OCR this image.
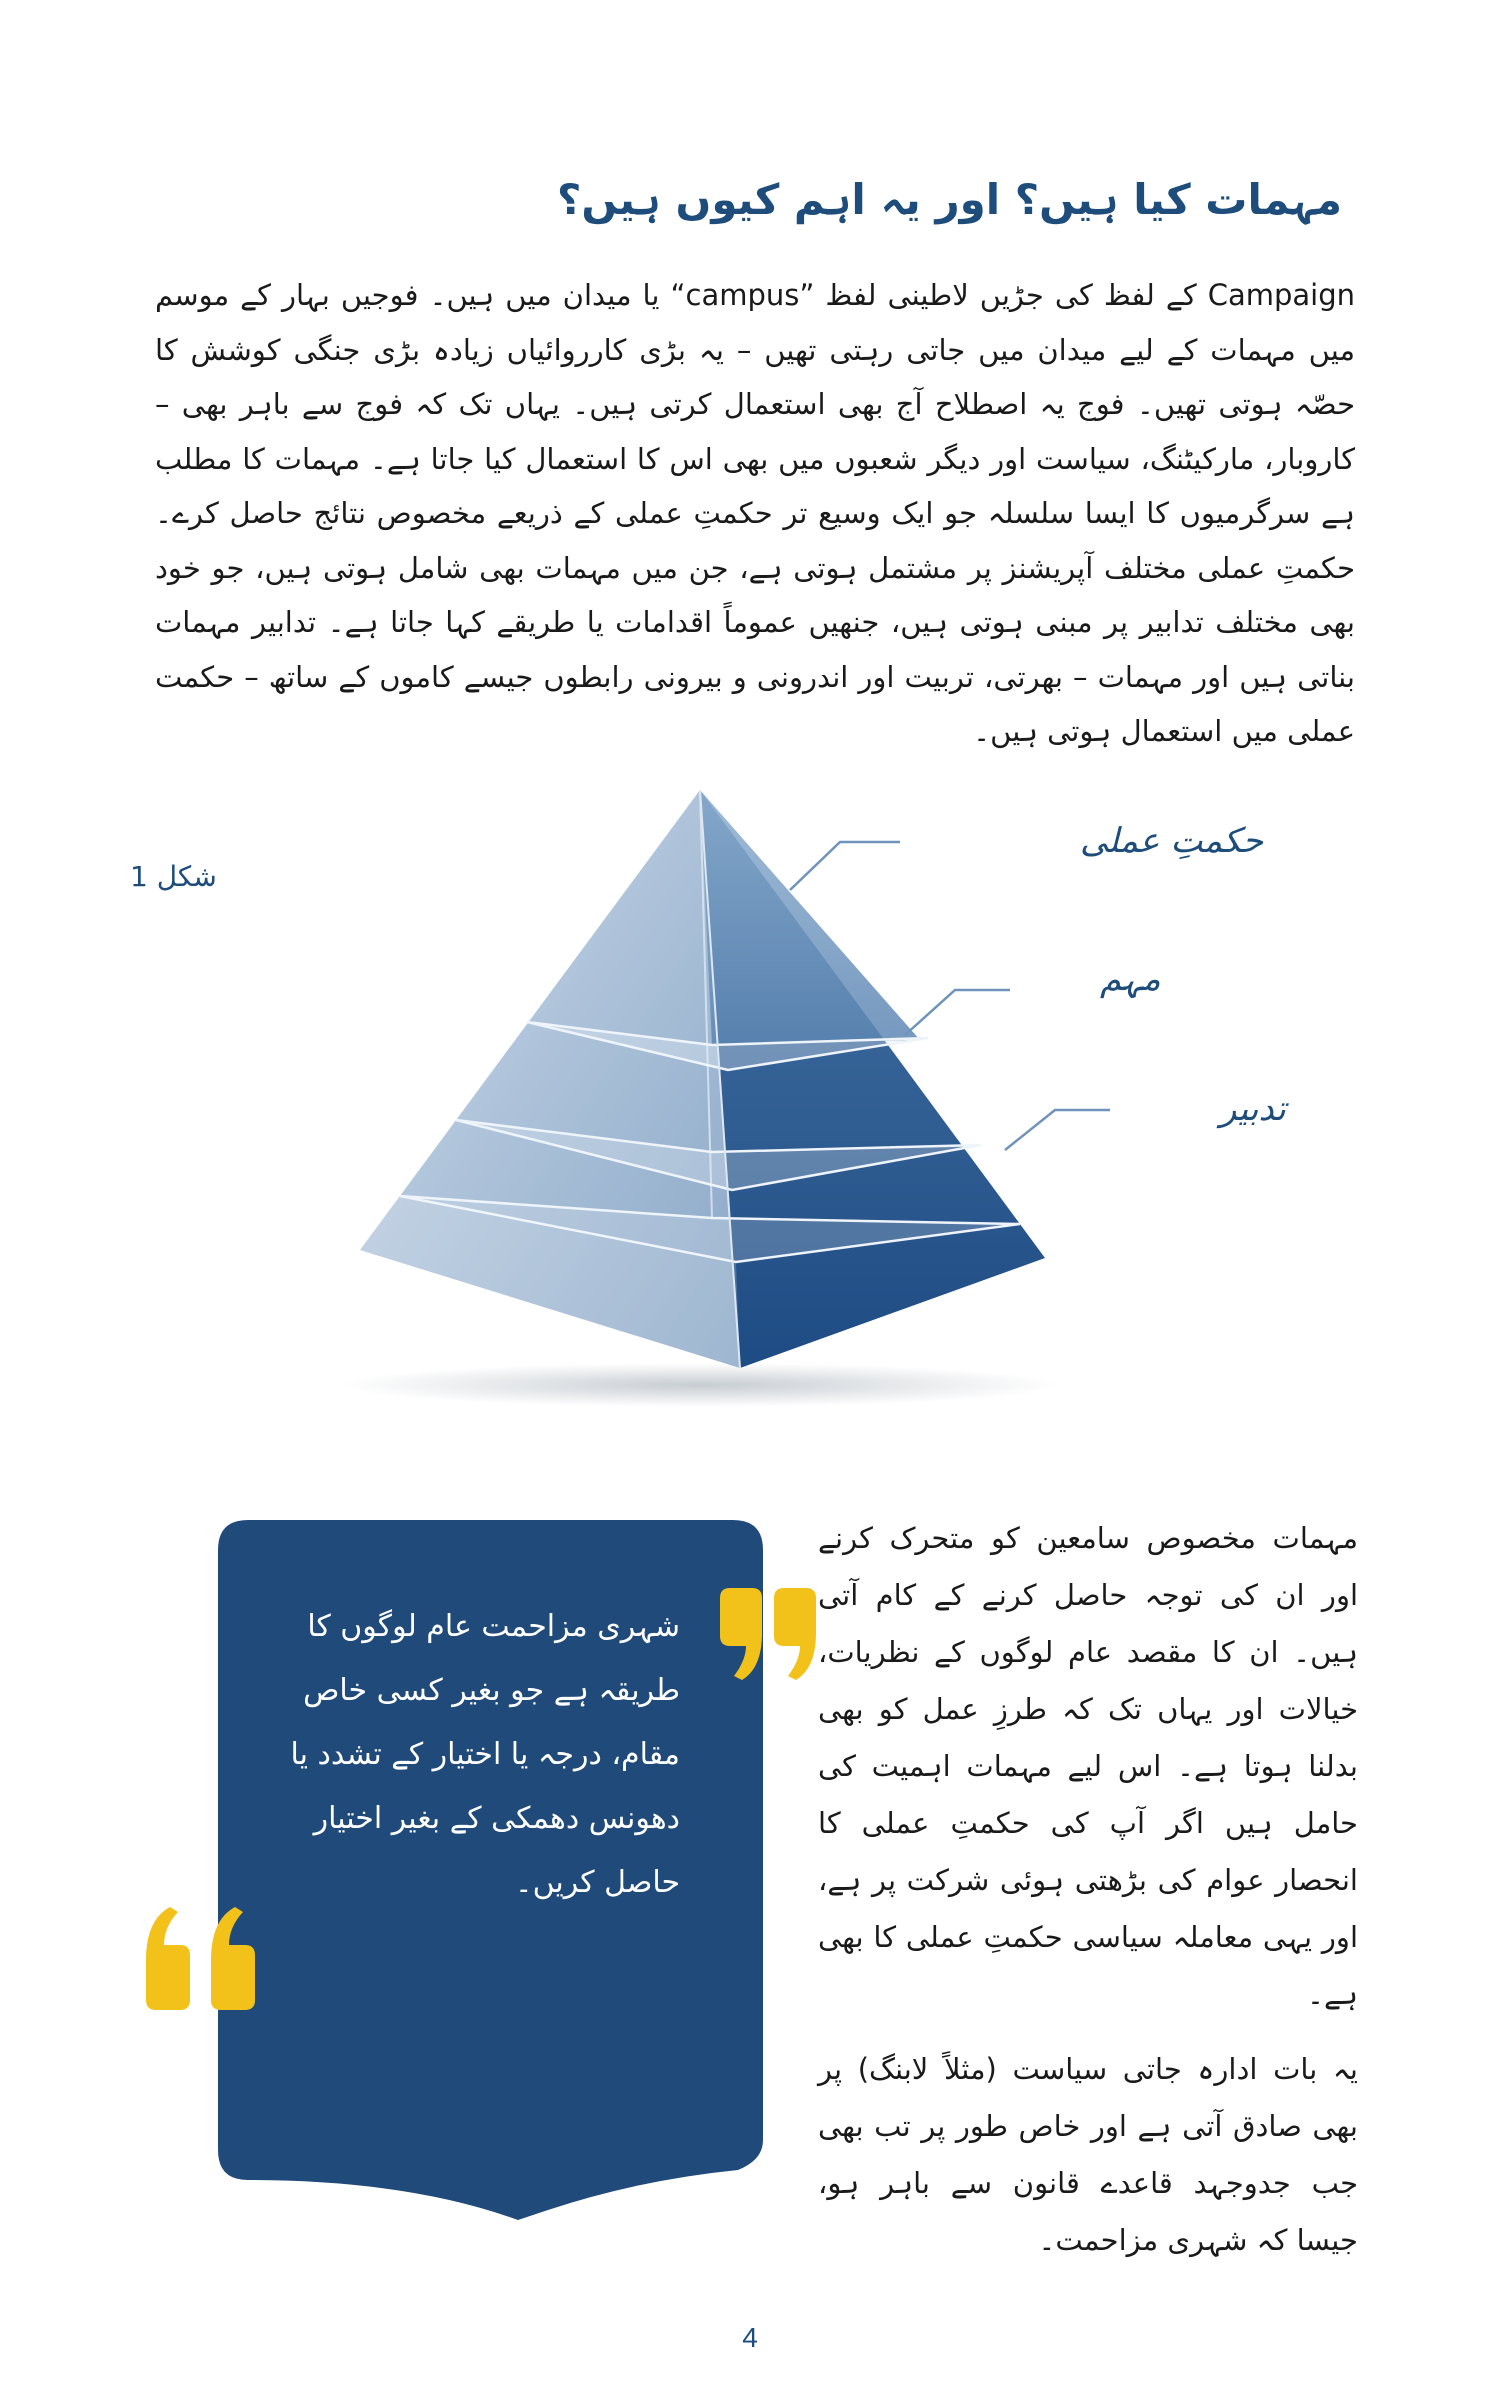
مہمات کیا ہیں؟ اور یہ اہم کیوں ہیں؟

Campaign کے لفظ کی جڑیں لاطینی لفظ ”campus“ یا میدان میں ہیں۔ فوجیں بہار کے موسم میں مہمات کے لیے میدان میں جاتی رہتی تھیں – یہ بڑی کارروائیاں زیادہ بڑی جنگی کوشش کا حصّہ ہوتی تھیں۔ فوج یہ اصطلاح آج بھی استعمال کرتی ہیں۔ یہاں تک کہ فوج سے باہر بھی – کاروبار، مارکیٹنگ، سیاست اور دیگر شعبوں میں بھی اس کا استعمال کیا جاتا ہے۔ مہمات کا مطلب ہے سرگرمیوں کا ایسا سلسلہ جو ایک وسیع تر حکمتِ عملی کے ذریعے مخصوص نتائج حاصل کرے۔ حکمتِ عملی مختلف آپریشنز پر مشتمل ہوتی ہے، جن میں مہمات بھی شامل ہوتی ہیں، جو خود بھی مختلف تدابیر پر مبنی ہوتی ہیں، جنھیں عموماً اقدامات یا طریقے کہا جاتا ہے۔ تدابیر مہمات بناتی ہیں اور مہمات – بھرتی، تربیت اور اندرونی و بیرونی رابطوں جیسے کاموں کے ساتھ – حکمت عملی میں استعمال ہوتی ہیں۔

شکل 1
حکمتِ عملی
مہم
تدبیر

شہری مزاحمت عام لوگوں کا طریقہ ہے جو بغیر کسی خاص مقام، درجہ یا اختیار کے تشدد یا دھونس دھمکی کے بغیر اختیار حاصل کریں۔

مہمات مخصوص سامعین کو متحرک کرنے اور ان کی توجہ حاصل کرنے کے کام آتی ہیں۔ ان کا مقصد عام لوگوں کے نظریات، خیالات اور یہاں تک کہ طرزِ عمل کو بھی بدلنا ہوتا ہے۔ اس لیے مہمات اہمیت کی حامل ہیں اگر آپ کی حکمتِ عملی کا انحصار عوام کی بڑھتی ہوئی شرکت پر ہے، اور یہی معاملہ سیاسی حکمتِ عملی کا بھی ہے۔

یہ بات ادارہ جاتی سیاست (مثلاً لابنگ) پر بھی صادق آتی ہے اور خاص طور پر تب بھی جب جدوجہد قاعدے قانون سے باہر ہو، جیسا کہ شہری مزاحمت۔

4
